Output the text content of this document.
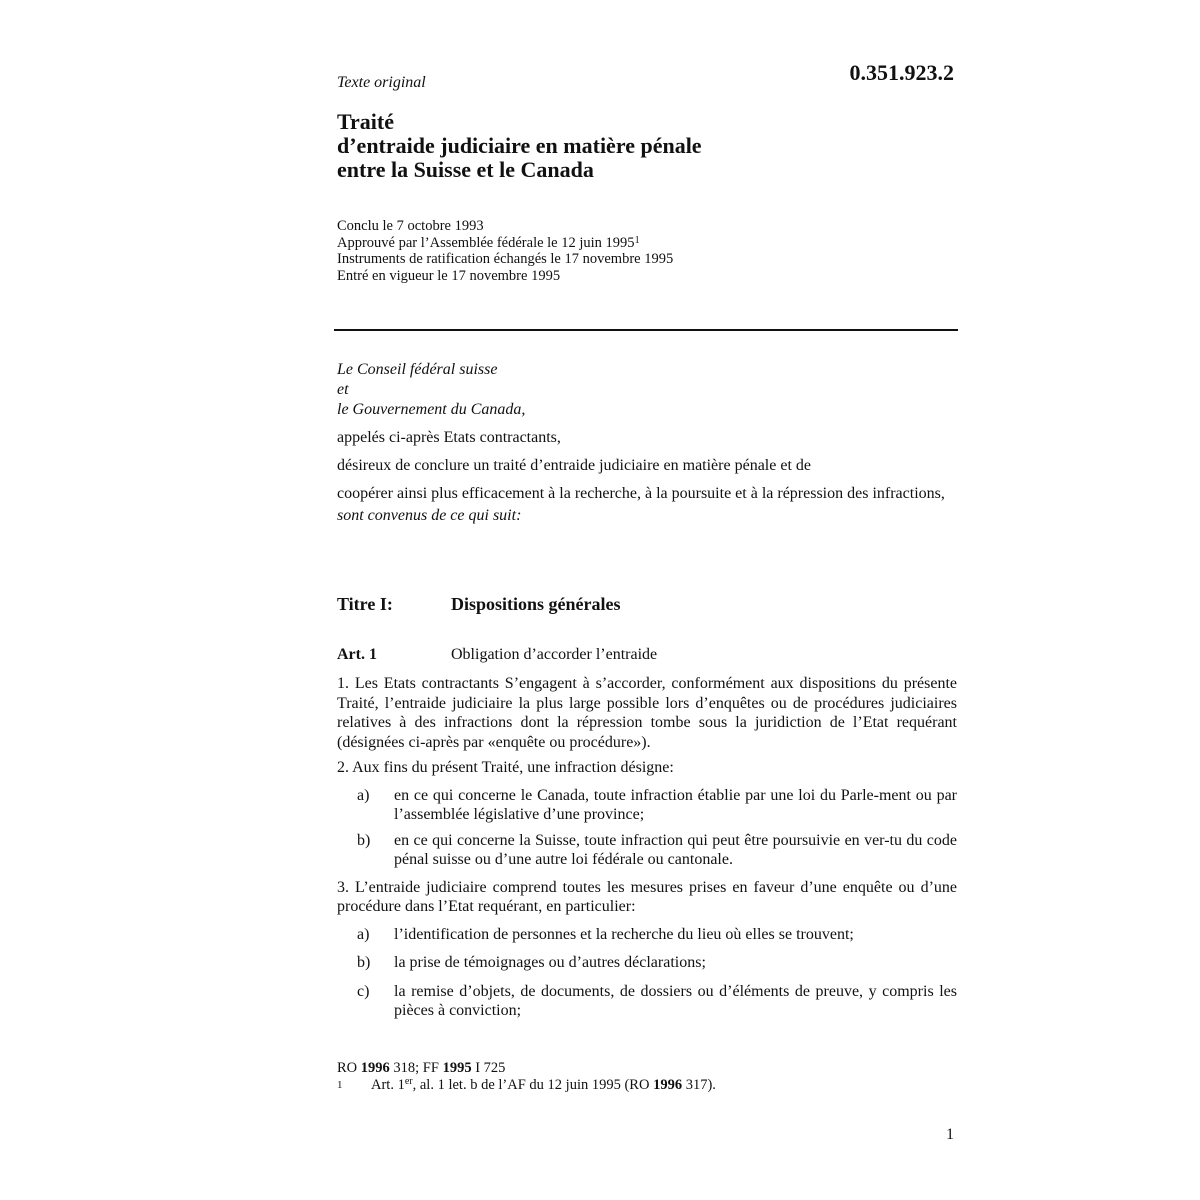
0.351.923.2
Texte original
Traité
d’entraide judiciaire en matière pénale
entre la Suisse et le Canada
Conclu le 7 octobre 1993
Approuvé par l’Assemblée fédérale le 12 juin 1995$^1$
Instruments de ratification échangés le 17 novembre 1995
Entré en vigueur le 17 novembre 1995

Le Conseil fédéral suisse

et

le Gouvernement du Canada,

appelés ci-après Etats contractants,

désireux de conclure un traité d’entraide judiciaire en matière pénale et de

coopérer ainsi plus efficacement à la recherche, à la poursuite et à la répression des infractions,

sont convenus de ce qui suit:

Titre I:	Dispositions générales
Art. 1	Obligation d’accorder l’entraide

1. Les Etats contractants S’engagent à s’accorder, conformément aux dispositions du présente Traité, l’entraide judiciaire la plus large possible lors d’enquêtes ou de procédures judiciaires relatives à des infractions dont la répression tombe sous la juridiction de l’Etat requérant (désignées ci-après par «enquête ou procédure»).

2. Aux fins du présent Traité, une infraction désigne:

a)	en ce qui concerne le Canada, toute infraction établie par une loi du Parle-ment ou par l’assemblée législative d’une province;
b)	en ce qui concerne la Suisse, toute infraction qui peut être poursuivie en ver-tu du code pénal suisse ou d’une autre loi fédérale ou cantonale.

3. L’entraide judiciaire comprend toutes les mesures prises en faveur d’une enquête ou d’une procédure dans l’Etat requérant, en particulier:

a)	l’identification de personnes et la recherche du lieu où elles se trouvent;
b)	la prise de témoignages ou d’autres déclarations;
c)	la remise d’objets, de documents, de dossiers ou d’éléments de preuve, y compris les pièces à conviction;
RO 1996 318; FF 1995 I 725
1	Art. 1er, al. 1 let. b de l’AF du 12 juin 1995 (RO 1996 317).
1
